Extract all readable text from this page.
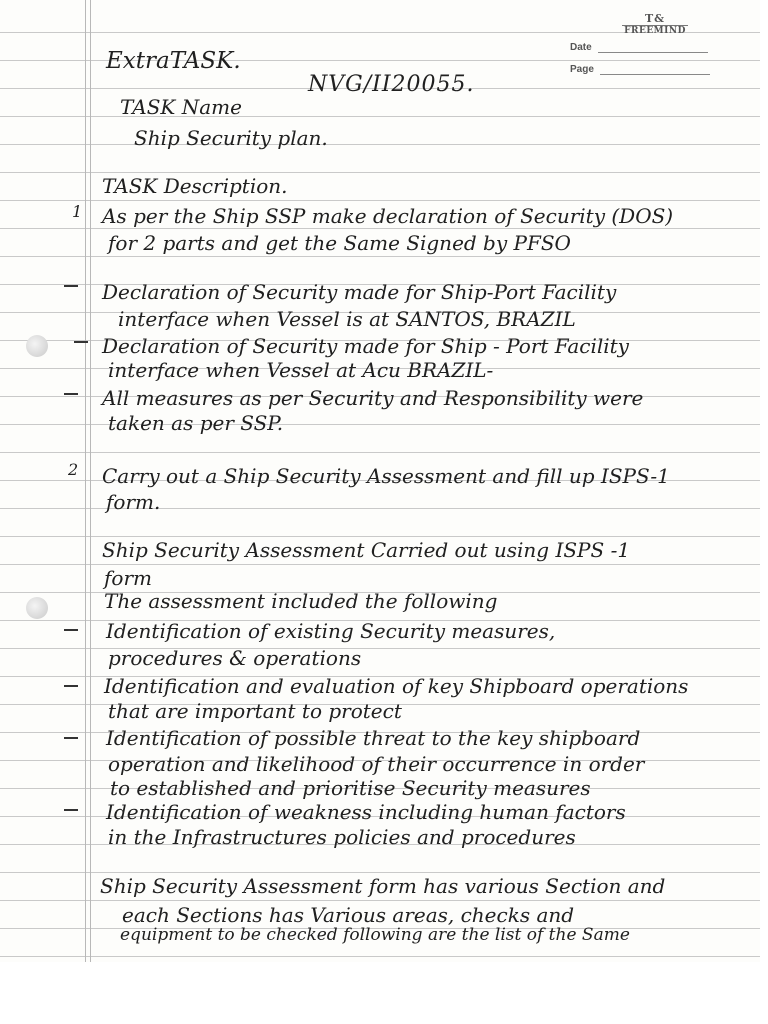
T&
FREEMIND
Date
Page
ExtraTASK.
NVG/II20055.
TASK Name
Ship Security plan.
TASK Description.
1 As per the Ship SSP make declaration of Security (DOS)
for 2 parts and get the Same Signed by PFSO
Declaration of Security made for Ship-Port Facility
interface when Vessel is at SANTOS, BRAZIL
Declaration of Security made for Ship - Port Facility
interface when Vessel at Acu BRAZIL-
All measures as per Security and Responsibility were
taken as per SSP.
2 Carry out a Ship Security Assessment and fill up ISPS-1
form.
Ship Security Assessment Carried out using ISPS -1
form
The assessment included the following
Identification of existing Security measures,
procedures & operations
Identification and evaluation of key Shipboard operations
that are important to protect
Identification of possible threat to the key shipboard
operation and likelihood of their occurrence in order
to established and prioritise Security measures
Identification of weakness including human factors
in the Infrastructures policies and procedures
Ship Security Assessment form has various Section and
each Sections has Various areas, checks and
equipment to be checked following are the list of the Same
